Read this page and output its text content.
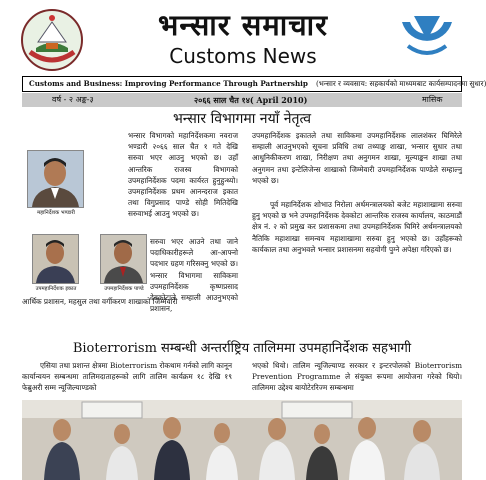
भन्सार समाचार
Customs News
Customs and Business: Improving Performance Through Partnership (भन्सार र व्यवसाय: सहकार्यको माध्यमबाट कार्यसम्पादनमा सुधार)
वर्ष - २ अङ्क-३	२०६६ साल चैत १४( April 2010)	मासिक
भन्सार विभागमा नयाँ नेतृत्व
महानिर्देशक भण्डारी
उपमहानिर्देशक इकात	उपमहानिर्देशक पाण्डे
भन्सार विभागको महानिर्देशकमा नवराज भण्डारी २०६६ साल चैत १ गते देखि सरुवा भएर आउनु भएको छ। उहाँ आन्तरिक राजस्व विभागको उपमहानिर्देशक पदमा कार्यरत हुनुहुन्थ्यो। उपमहानिर्देशक प्रथम आनन्दराज इकात तथा विगुप्रसाद पाण्डे सोही मितिदेखि सरुवाभई आउनु भएको छ।
सरुवा भएर आउने तथा जाने पदाधिकारीहरूले आ-आफ्नो पदभार ग्रहण गरिसक्नु भएको छ। भन्सार विभागमा साविकमा उपमहानिर्देशक कृष्णप्रसाद देवकोटाले सम्हाली आउनुभएको प्रशासन,
आर्थिक प्रशासन, महसुल तथा वर्गीकरण शाखाको जिम्मेवारी
उपमहानिर्देशक इकातले तथा साविकमा उपमहानिर्देशक लालशंकर घिमिरेले सम्हाली आउनुभएको सूचना प्रविधि तथा तथ्याङ्क शाखा, भन्सार सुधार तथा आधुनिकीकरण शाखा, निरीक्षण तथा अनुगमन शाखा, मूल्याङ्कन शाखा तथा अनुगमन तथा इन्टेलिजेन्स शाखाको जिम्मेवारी उपमहानिर्देशक पाण्डेले सम्हाल्नु भएको छ।
पूर्व महानिर्देशक शोभाउ निरोला अर्थमन्त्रालयको बजेट महाशाखामा सरुवा हुनु भएको छ भने उपमहानिर्देशक देवकोटा आन्तरिक राजस्व कार्यालय, काठमाडौं क्षेत्र नं. २ को प्रमुख कर प्रशासकमा तथा उपमहानिर्देशक घिमिरे अर्थमन्त्रालयको नैतिकि महाशाखा समन्वय महाशाखामा सरुवा हुनु भएको छ। उहाँहरूको कार्यकाल तथा अनुभवले भन्सार प्रशासनमा सहयोगी पुग्ने अपेक्षा गरिएको छ।
Bioterrorism सम्बन्धी अन्तर्राष्ट्रिय तालिममा उपमहानिर्देशक सहभागी
एसिया तथा प्रशान्त क्षेत्रमा Bioterrorism रोकथाम गर्नको लागि कानून कार्यान्वयन सम्बन्धमा तालिमदाताहरूको लागि तालिम कार्यक्रम १८ देखि १९ फेब्रुअरी सम्म न्यूजिल्याण्डको
भएको थियो। तालिम न्यूजिल्याण्ड सरकार र इन्टरपोलको Bioterrorism Prevention Programme ले संयुक्त रूपमा आयोजना गरेको थियो। तालिममा उद्देश्य बायोटेररिज्म सम्बन्धमा
